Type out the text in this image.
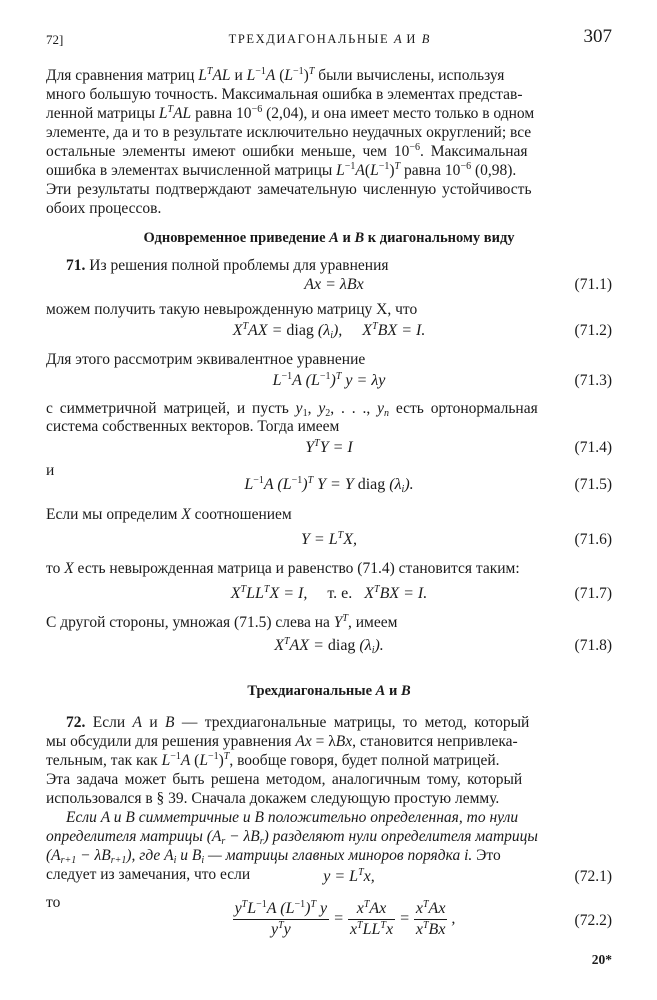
72]	ТРЕХДИАГОНАЛЬНЫЕ A И B	307
Для сравнения матриц $L^TAL$ и $L^{-1}A$ $(L^{-1})^T$ были вычислены, используя
много большую точность. Максимальная ошибка в элементах представ-
ленной матрицы $L^TAL$ равна $10^{-6}$ (2,04), и она имеет место только в одном
элементе, да и то в результате исключительно неудачных округлений; все
остальные элементы имеют ошибки меньше, чем $10^{-6}$. Максимальная
ошибка в элементах вычисленной матрицы $L^{-1}A(L^{-1})^T$ равна $10^{-6}$ (0,98).
Эти результаты подтверждают замечательную численную устойчивость
обоих процессов.
Одновременное приведение A и B к диагональному виду
71. Из решения полной проблемы для уравнения
Ax = λBx	(71.1)
можем получить такую невырожденную матрицу X, что
$X^TAX$ = diag $(\lambda_i)$,     $X^TBX = I$.	(71.2)
Для этого рассмотрим эквивалентное уравнение
$L^{-1}A$ $(L^{-1})^T$ y = λy	(71.3)
с симметричной матрицей, и пусть $y_1$, $y_2$, . . ., $y_n$ есть ортонормальная
система собственных векторов. Тогда имеем
$Y^TY = I$	(71.4)
и
$L^{-1}A$ $(L^{-1})^T$ Y = Y diag $(\lambda_i)$.	(71.5)
Если мы определим X соотношением
$Y = L^TX$,	(71.6)
то X есть невырожденная матрица и равенство (71.4) становится таким:
$X^TLL^TX = I$,     т. е.   $X^TBX = I$.	(71.7)
С другой стороны, умножая (71.5) слева на $Y^T$, имеем
$X^TAX$ = diag $(\lambda_i)$.	(71.8)
Трехдиагональные A и B
72. Если A и B — трехдиагональные матрицы, то метод, который
мы обсудили для решения уравнения Ax = λBx, становится непривлека-
тельным, так как $L^{-1}A$ $(L^{-1})^T$, вообще говоря, будет полной матрицей.
Эта задача может быть решена методом, аналогичным тому, который
использовался в § 39. Сначала докажем следующую простую лемму.
Если A и B симметричные и B положительно определенная, то нули
определителя матрицы $(A_r - \lambda B_r)$ разделяют нули определителя матрицы
$(A_{r+1} - \lambda B_{r+1})$, где $A_i$ и $B_i$ — матрицы главных миноров порядка i. Это
следует из замечания, что если	$y = L^Tx$,	(72.1)
то	$\frac{y^TL^{-1}A (L^{-1})^T y}{y^Ty} = \frac{x^TAx}{x^TLL^Tx} = \frac{x^TAx}{x^TBx}$ ,	(72.2)
20*
